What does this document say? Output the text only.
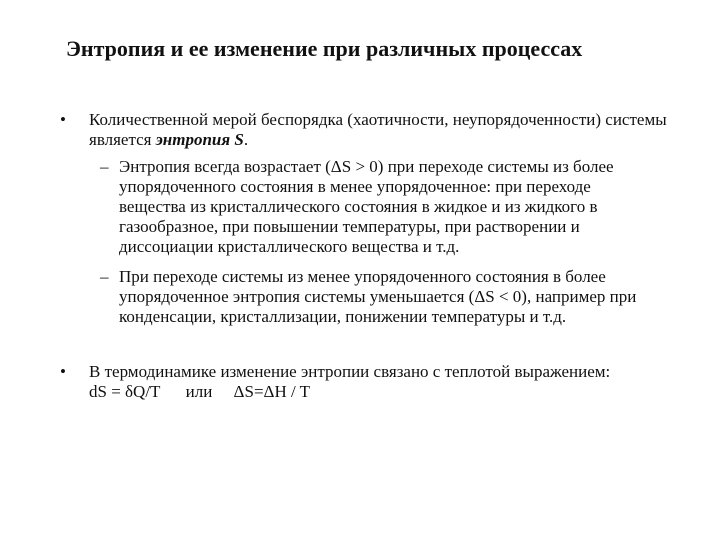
Энтропия и ее изменение при различных процессах
• Количественной мерой беспорядка (хаотичности, неупорядоченности) системы является энтропия S.
– Энтропия всегда возрастает (ΔS > 0) при переходе системы из более упорядоченного состояния в менее упорядоченное: при переходе вещества из кристаллического состояния в жидкое и из жидкого в газообразное, при повышении температуры, при растворении и диссоциации кристаллического вещества и т.д.
– При переходе системы из менее упорядоченного состояния в более упорядоченное энтропия системы уменьшается (ΔS < 0), например при конденсации, кристаллизации, понижении температуры и т.д.
• В термодинамике изменение энтропии связано с теплотой выражением:
dS = δQ/T      или     ΔS=ΔH / T
